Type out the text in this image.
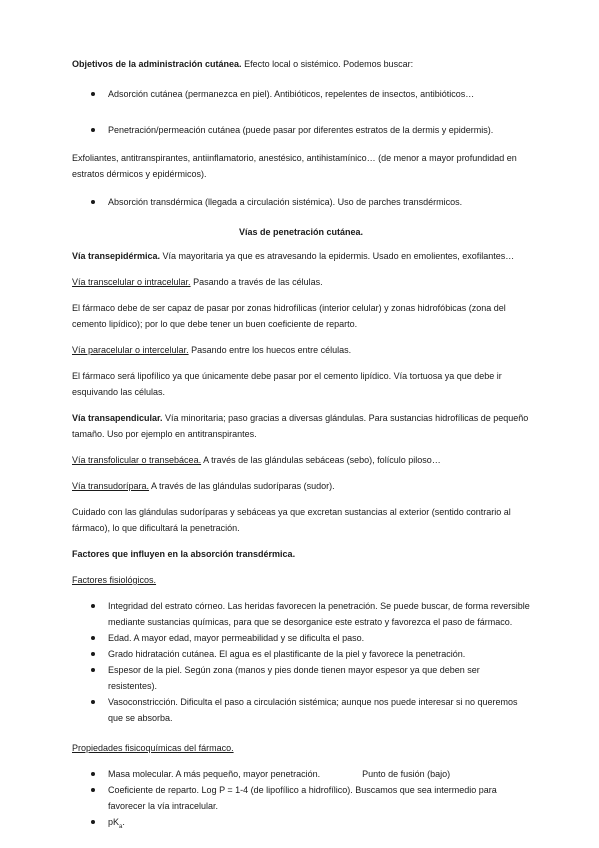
Objetivos de la administración cutánea. Efecto local o sistémico. Podemos buscar:

Adsorción cutánea (permanezca en piel). Antibióticos, repelentes de insectos, antibióticos…
Penetración/permeación cutánea (puede pasar por diferentes estratos de la dermis y epidermis).

Exfoliantes, antitranspirantes, antiinflamatorio, anestésico, antihistamínico… (de menor a mayor profundidad en estratos dérmicos y epidérmicos).

Absorción transdérmica (llegada a circulación sistémica). Uso de parches transdérmicos.

Vías de penetración cutánea.

Vía transepidérmica. Vía mayoritaria ya que es atravesando la epidermis. Usado en emolientes, exofilantes…

Vía transcelular o intracelular. Pasando a través de las células.

El fármaco debe de ser capaz de pasar por zonas hidrofílicas (interior celular) y zonas hidrofóbicas (zona del cemento lipídico); por lo que debe tener un buen coeficiente de reparto.

Vía paracelular o intercelular. Pasando entre los huecos entre células.

El fármaco será lipofílico ya que únicamente debe pasar por el cemento lipídico. Vía tortuosa ya que debe ir esquivando las células.

Vía transapendicular. Vía minoritaria; paso gracias a diversas glándulas. Para sustancias hidrofílicas de pequeño tamaño. Uso por ejemplo en antitranspirantes.

Vía transfolicular o transebácea. A través de las glándulas sebáceas (sebo), folículo piloso…

Vía transudorípara. A través de las glándulas sudoríparas (sudor).

Cuidado con las glándulas sudoríparas y sebáceas ya que excretan sustancias al exterior (sentido contrario al fármaco), lo que dificultará la penetración.

Factores que influyen en la absorción transdérmica.

Factores fisiológicos.

Integridad del estrato córneo. Las heridas favorecen la penetración. Se puede buscar, de forma reversible mediante sustancias químicas, para que se desorganice este estrato y favorezca el paso de fármaco.
Edad. A mayor edad, mayor permeabilidad y se dificulta el paso.
Grado hidratación cutánea. El agua es el plastificante de la piel y favorece la penetración.
Espesor de la piel. Según zona (manos y pies donde tienen mayor espesor ya que deben ser resistentes).
Vasoconstricción. Dificulta el paso a circulación sistémica; aunque nos puede interesar si no queremos que se absorba.

Propiedades fisicoquímicas del fármaco.

Masa molecular. A más pequeño, mayor penetración.	Punto de fusión (bajo)
Coeficiente de reparto. Log P = 1-4 (de lipofílico a hidrofílico). Buscamos que sea intermedio para favorecer la vía intracelular.
$pK_a$.
